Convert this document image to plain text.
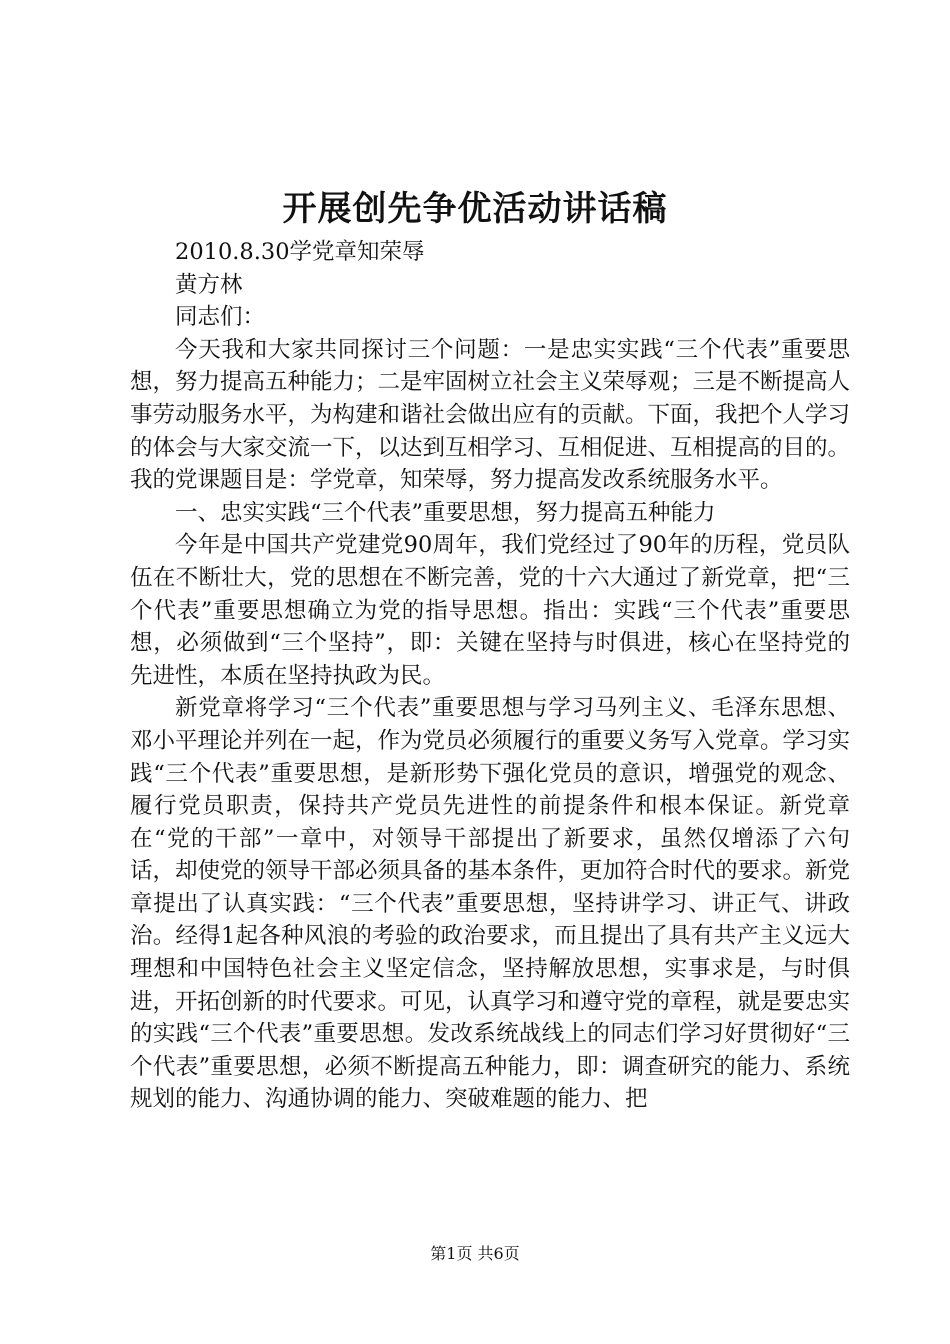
开展创先争优活动讲话稿

2010.8.30学党章知荣辱

黄方林

同志们：

今天我和大家共同探讨三个问题：一是忠实实践“三个代表”重要思想，努力提高五种能力；二是牢固树立社会主义荣辱观；三是不断提高人事劳动服务水平，为构建和谐社会做出应有的贡献。下面，我把个人学习的体会与大家交流一下，以达到互相学习、互相促进、互相提高的目的。我的党课题目是：学党章，知荣辱，努力提高发改系统服务水平。

一、忠实实践“三个代表”重要思想，努力提高五种能力

今年是中国共产党建党90周年，我们党经过了90年的历程，党员队伍在不断壮大，党的思想在不断完善，党的十六大通过了新党章，把“三个代表”重要思想确立为党的指导思想。指出：实践“三个代表”重要思想，必须做到“三个坚持”，即：关键在坚持与时俱进，核心在坚持党的先进性，本质在坚持执政为民。

新党章将学习“三个代表”重要思想与学习马列主义、毛泽东思想、邓小平理论并列在一起，作为党员必须履行的重要义务写入党章。学习实践“三个代表”重要思想，是新形势下强化党员的意识，增强党的观念、履行党员职责，保持共产党员先进性的前提条件和根本保证。新党章在“党的干部”一章中，对领导干部提出了新要求，虽然仅增添了六句话，却使党的领导干部必须具备的基本条件，更加符合时代的要求。新党章提出了认真实践：“三个代表”重要思想，坚持讲学习、讲正气、讲政治。经得1起各种风浪的考验的政治要求，而且提出了具有共产主义远大理想和中国特色社会主义坚定信念，坚持解放思想，实事求是，与时俱进，开拓创新的时代要求。可见，认真学习和遵守党的章程，就是要忠实的实践“三个代表”重要思想。发改系统战线上的同志们学习好贯彻好“三个代表”重要思想，必须不断提高五种能力，即：调查研究的能力、系统规划的能力、沟通协调的能力、突破难题的能力、把

第1页 共6页
